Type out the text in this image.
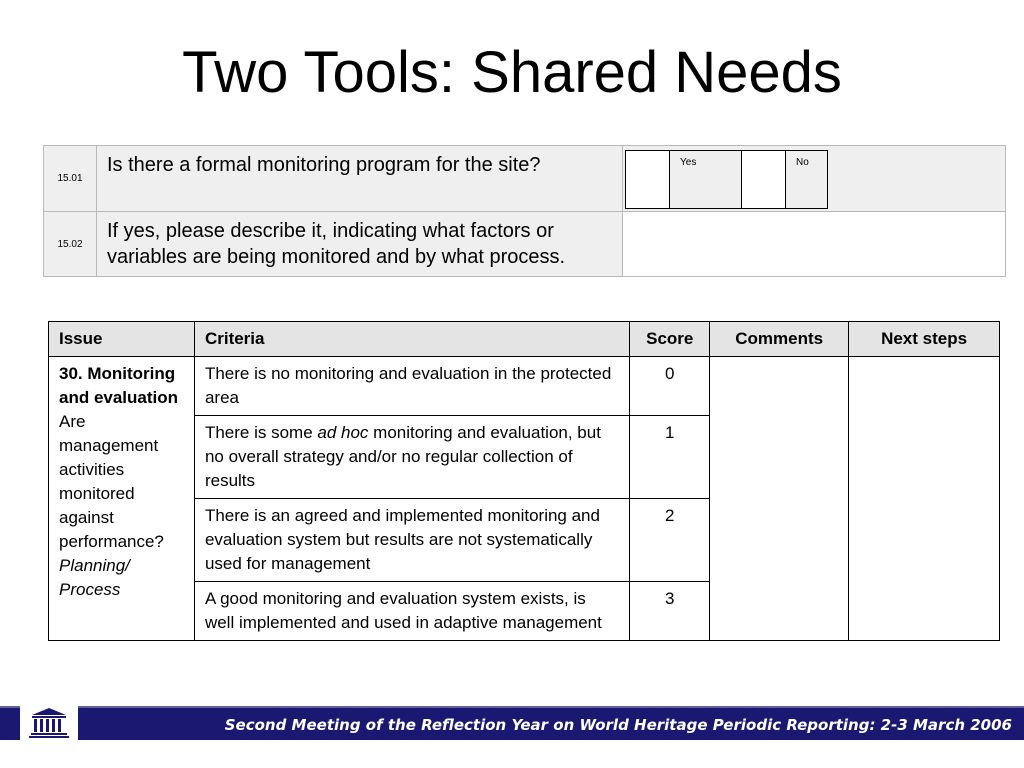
Two Tools: Shared Needs
15.01	Is there a formal monitoring program for the site?	
		Yes		No

15.02	If yes, please describe it, indicating what factors or variables are being monitored and by what process.	
Issue	Criteria	Score	Comments	Next steps
30. Monitoring and evaluation
Are management activities monitored against performance?
Planning/ Process	There is no monitoring and evaluation in the protected area	0		
	There is some ad hoc monitoring and evaluation, but no overall strategy and/or no regular collection of results	1		
	There is an agreed and implemented monitoring and evaluation system but results are not systematically used for management	2		
	A good monitoring and evaluation system exists, is well implemented and used in adaptive management	3		
Second Meeting of the Reflection Year on World Heritage Periodic Reporting: 2-3 March 2006
